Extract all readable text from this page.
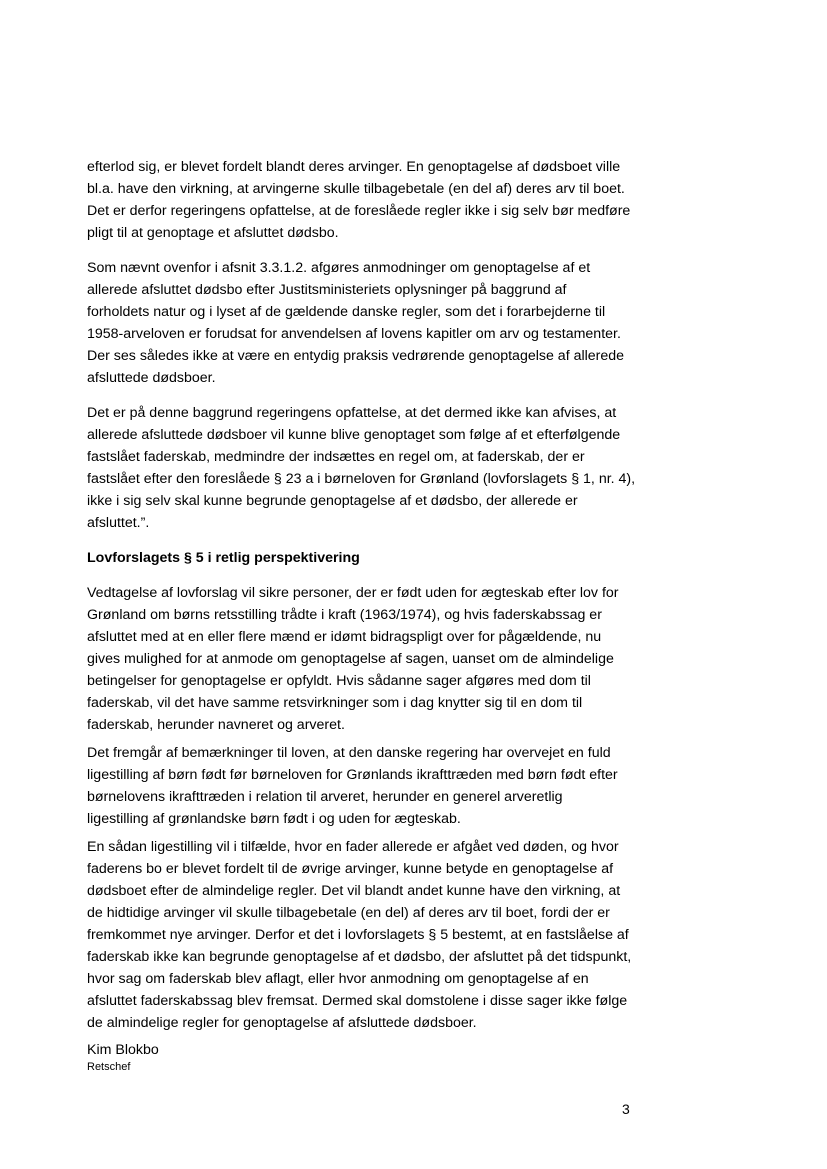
efterlod sig, er blevet fordelt blandt deres arvinger. En genoptagelse af dødsboet ville
bl.a. have den virkning, at arvingerne skulle tilbagebetale (en del af) deres arv til boet.
Det er derfor regeringens opfattelse, at de foreslåede regler ikke i sig selv bør medføre
pligt til at genoptage et afsluttet dødsbo.

Som nævnt ovenfor i afsnit 3.3.1.2. afgøres anmodninger om genoptagelse af et
allerede afsluttet dødsbo efter Justitsministeriets oplysninger på baggrund af
forholdets natur og i lyset af de gældende danske regler, som det i forarbejderne til
1958-arveloven er forudsat for anvendelsen af lovens kapitler om arv og testamenter.
Der ses således ikke at være en entydig praksis vedrørende genoptagelse af allerede
afsluttede dødsboer.

Det er på denne baggrund regeringens opfattelse, at det dermed ikke kan afvises, at
allerede afsluttede dødsboer vil kunne blive genoptaget som følge af et efterfølgende
fastslået faderskab, medmindre der indsættes en regel om, at faderskab, der er
fastslået efter den foreslåede § 23 a i børneloven for Grønland (lovforslagets § 1, nr. 4),
ikke i sig selv skal kunne begrunde genoptagelse af et dødsbo, der allerede er
afsluttet.”.

Lovforslagets § 5 i retlig perspektivering

Vedtagelse af lovforslag vil sikre personer, der er født uden for ægteskab efter lov for
Grønland om børns retsstilling trådte i kraft (1963/1974), og hvis faderskabssag er
afsluttet med at en eller flere mænd er idømt bidragspligt over for pågældende, nu
gives mulighed for at anmode om genoptagelse af sagen, uanset om de almindelige
betingelser for genoptagelse er opfyldt. Hvis sådanne sager afgøres med dom til
faderskab, vil det have samme retsvirkninger som i dag knytter sig til en dom til
faderskab, herunder navneret og arveret.

Det fremgår af bemærkninger til loven, at den danske regering har overvejet en fuld
ligestilling af børn født før børneloven for Grønlands ikrafttræden med børn født efter
børnelovens ikrafttræden i relation til arveret, herunder en generel arveretlig
ligestilling af grønlandske børn født i og uden for ægteskab.

En sådan ligestilling vil i tilfælde, hvor en fader allerede er afgået ved døden, og hvor
faderens bo er blevet fordelt til de øvrige arvinger, kunne betyde en genoptagelse af
dødsboet efter de almindelige regler. Det vil blandt andet kunne have den virkning, at
de hidtidige arvinger vil skulle tilbagebetale (en del) af deres arv til boet, fordi der er
fremkommet nye arvinger. Derfor et det i lovforslagets § 5 bestemt, at en fastslåelse af
faderskab ikke kan begrunde genoptagelse af et dødsbo, der afsluttet på det tidspunkt,
hvor sag om faderskab blev aflagt, eller hvor anmodning om genoptagelse af en
afsluttet faderskabssag blev fremsat. Dermed skal domstolene i disse sager ikke følge
de almindelige regler for genoptagelse af afsluttede dødsboer.

Kim Blokbo

Retschef

3
